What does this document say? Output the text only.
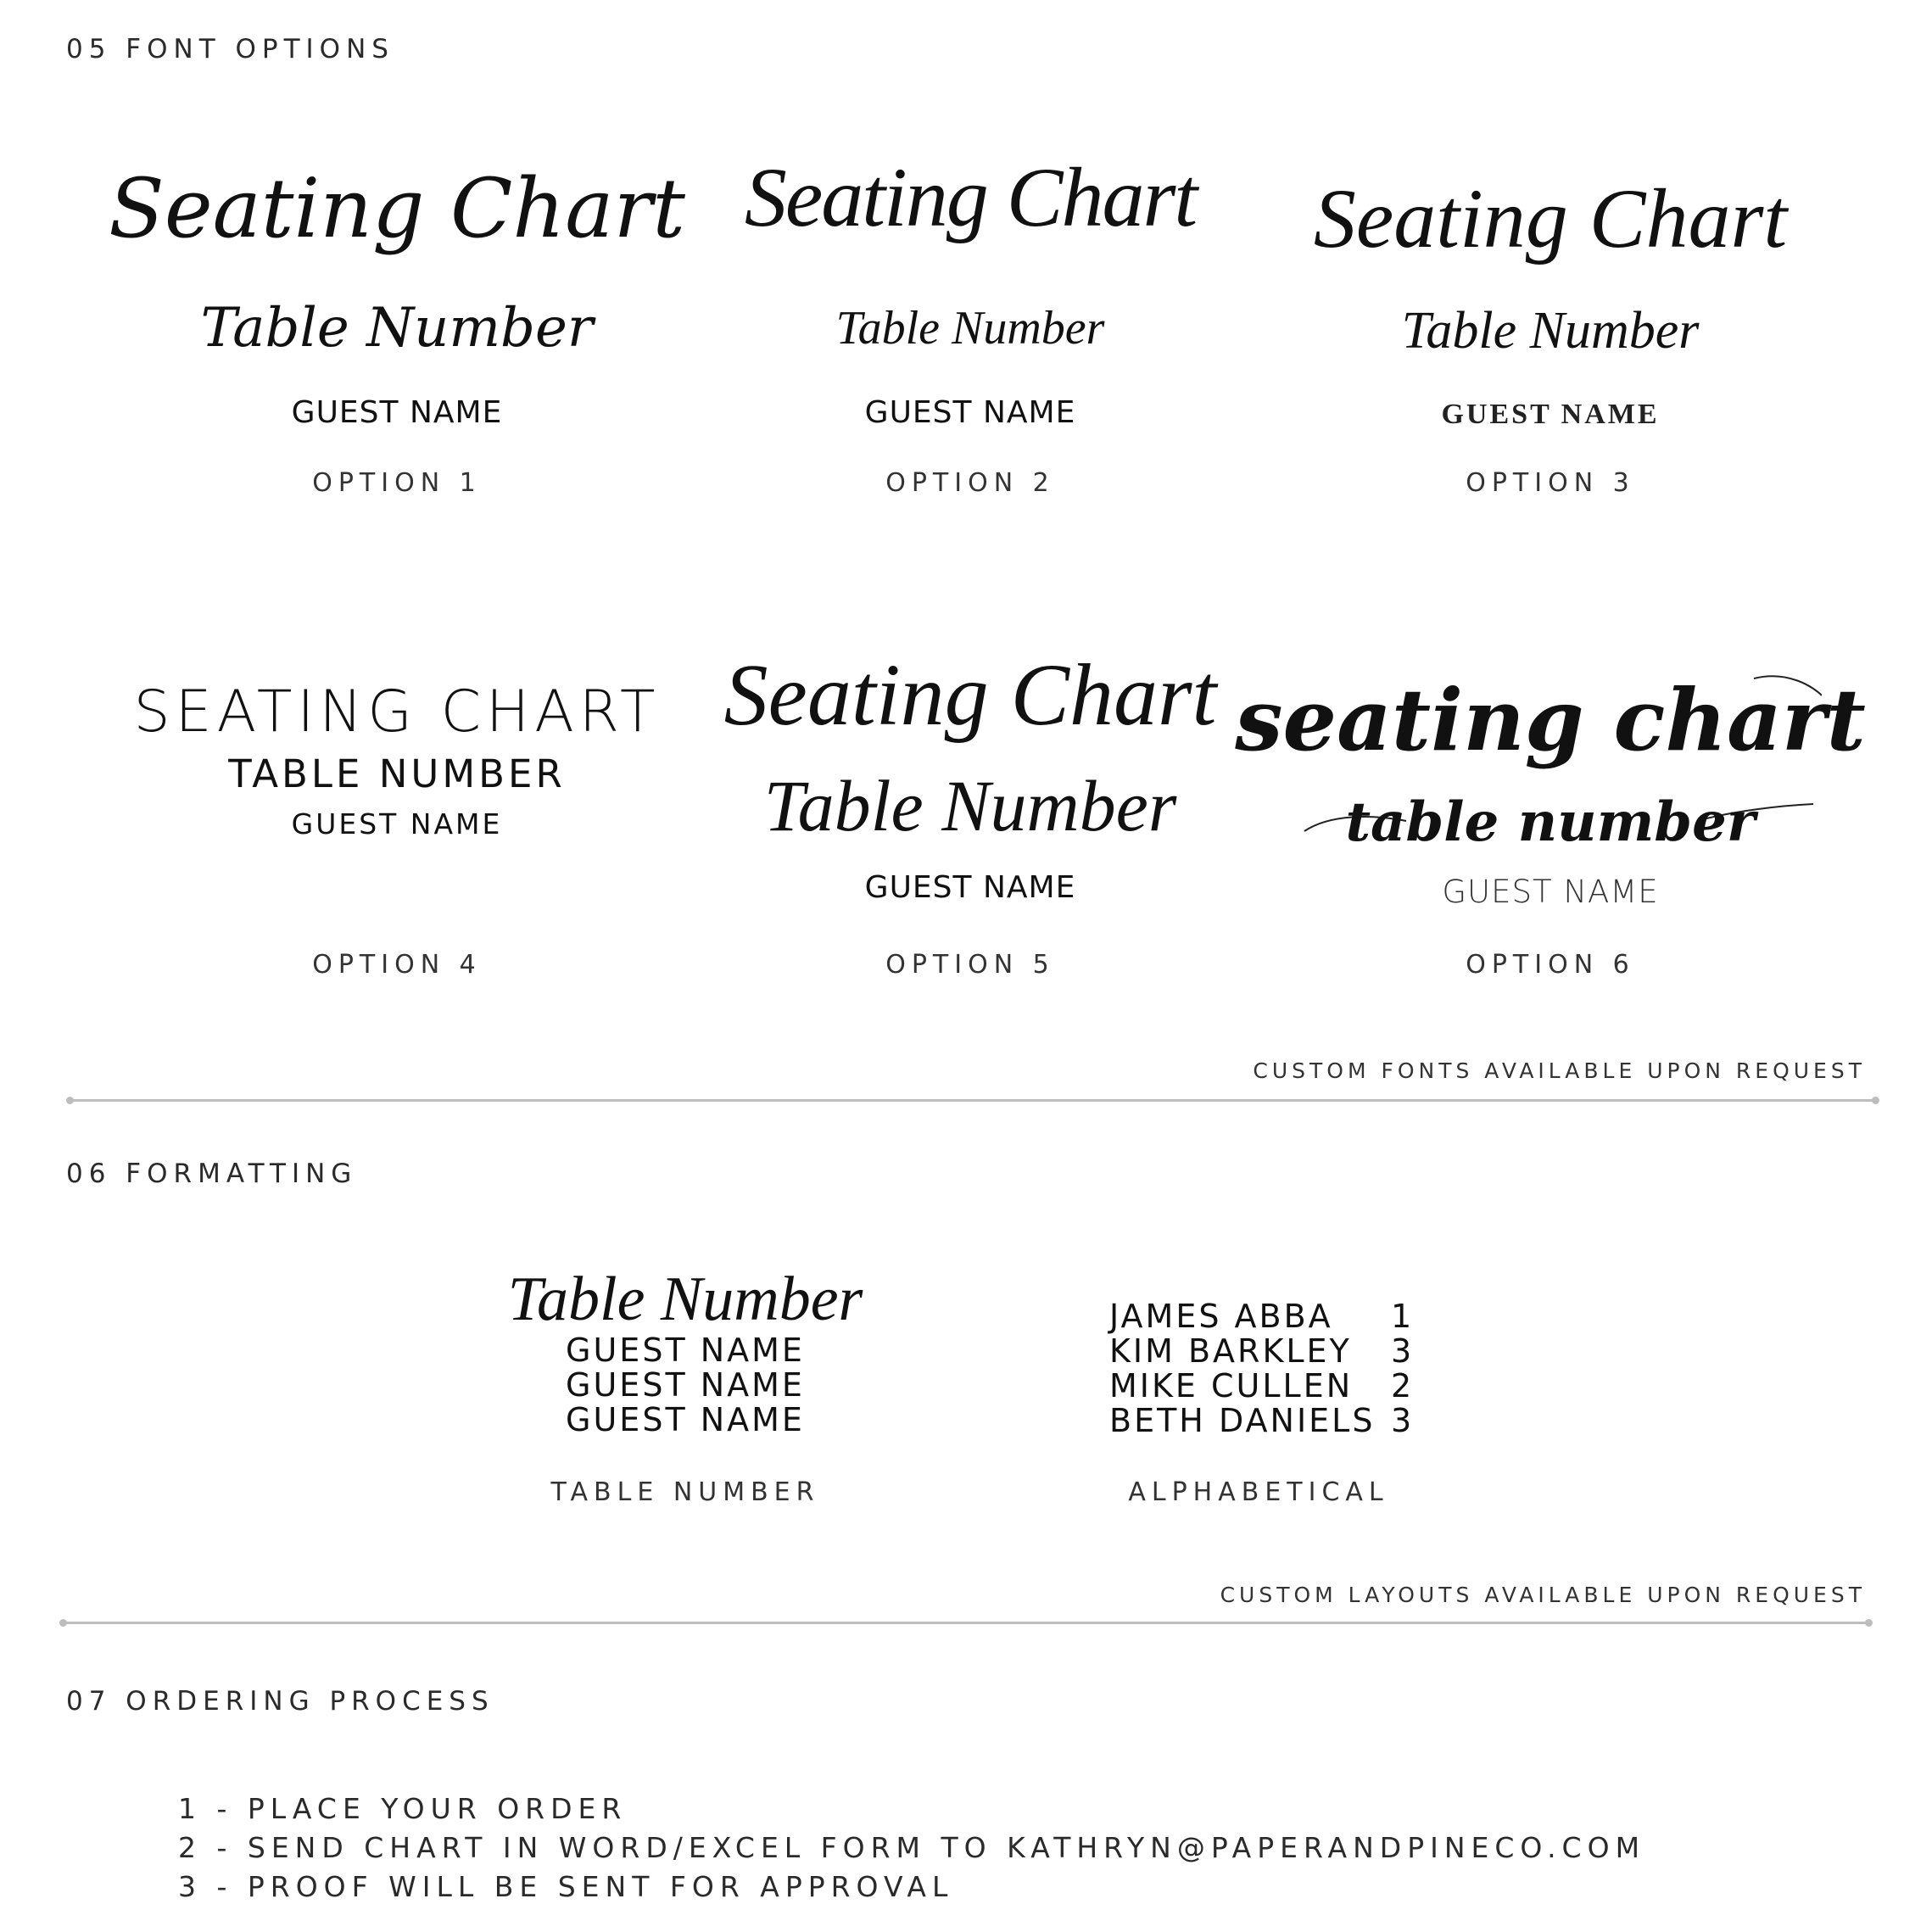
05 FONT OPTIONS
Seating Chart
Table Number
GUEST NAME
OPTION 1
Seating Chart
Table Number
GUEST NAME
OPTION 2
Seating Chart
Table Number
GUEST NAME
OPTION 3
SEATING CHART
TABLE NUMBER
GUEST NAME
OPTION 4
Seating Chart
Table Number
GUEST NAME
OPTION 5
seating chart
table number
GUEST NAME
OPTION 6
CUSTOM FONTS AVAILABLE UPON REQUEST
06 FORMATTING
Table Number
GUEST NAME
GUEST NAME
GUEST NAME
TABLE NUMBER
JAMES ABBA	1
KIM BARKLEY	3
MIKE CULLEN	2
BETH DANIELS 3
ALPHABETICAL
CUSTOM LAYOUTS AVAILABLE UPON REQUEST
07 ORDERING PROCESS
1 - PLACE YOUR ORDER
2 - SEND CHART IN WORD/EXCEL FORM TO KATHRYN@PAPERANDPINECO.COM
3 - PROOF WILL BE SENT FOR APPROVAL
